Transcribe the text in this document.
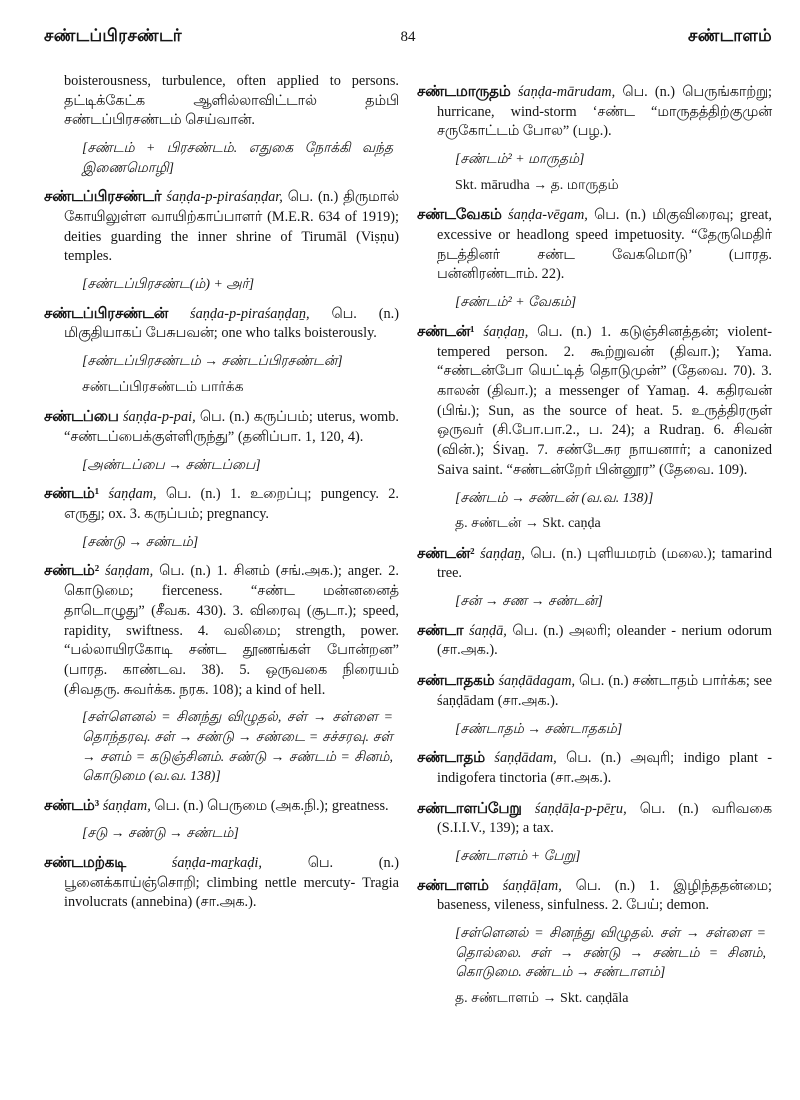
சண்டப்பிரசண்டர்	84	சண்டாளம்
boisterousness, turbulence, often applied to persons. தட்டிக்கேட்க ஆளில்லாவிட்டால் தம்பி சண்டப்பிரசண்டம் செய்வான்.
[சண்டம் + பிரசண்டம். எதுகை நோக்கி வந்த இணைமொழி]
சண்டப்பிரசண்டர் śaṇḍa-p-piraśaṇḍar, பெ. (n.) திருமால் கோயிலுள்ள வாயிற்காப்பாளர் (M.E.R. 634 of 1919); deities guarding the inner shrine of Tirumāl (Viṣṇu) temples.
[சண்டப்பிரசண்ட(ம்) + அர்]
சண்டப்பிரசண்டன் śaṇḍa-p-piraśaṇḍaṉ, பெ. (n.) மிகுதியாகப் பேசுபவன்; one who talks boisterously.
[சண்டப்பிரசண்டம் → சண்டப்பிரசண்டன்]
சண்டப்பிரசண்டம் பார்க்க
சண்டப்பை śaṇḍa-p-pai, பெ. (n.) கருப்பம்; uterus, womb. “சண்டப்பைக்குள்ளிருந்து” (தனிப்பா. 1, 120, 4).
[அண்டப்பை → சண்டப்பை]
சண்டம்¹ śaṇḍam, பெ. (n.) 1. உறைப்பு; pungency. 2. எருது; ox. 3. கருப்பம்; pregnancy.
[சண்டு → சண்டம்]
சண்டம்² śaṇḍam, பெ. (n.) 1. சினம் (சங்.அக.); anger. 2. கொடுமை; fierceness. “சண்ட மன்னனைத் தாடொழுது” (சீவக. 430). 3. விரைவு (சூடா.); speed, rapidity, swiftness. 4. வலிமை; strength, power. “பல்லாயிரகோடி சண்ட தூணங்கள் போன்றன” (பாரத. காண்டவ. 38). 5. ஒருவகை நிரையம் (சிவதரு. சுவர்க்க. நரக. 108); a kind of hell.
[சள்ளெனல் = சினந்து விழுதல், சள் → சள்ளை = தொந்தரவு. சள் → சண்டு → சண்டை = சச்சரவு. சள் → சளம் = கடுஞ்சினம். சண்டு → சண்டம் = சினம், கொடுமை (வ.வ. 138)]
சண்டம்³ śaṇḍam, பெ. (n.) பெருமை (அக.நி.); greatness.
[சடு → சண்டு → சண்டம்]
சண்டமற்கடி	śaṇḍa-maṟkaḍi,	பெ. (n.) பூனைக்காய்ஞ்சொறி; climbing nettle mercuty- Tragia involucrats (annebina) (சா.அக.).
சண்டமாருதம் śaṇḍa-mārudam, பெ. (n.) பெருங்காற்று; hurricane, wind-storm ‘சண்ட “மாருதத்திற்குமுன் சருகோட்டம் போல” (பழ.).
[சண்டம்² + மாருதம்]
Skt. mārudha → த. மாருதம்
சண்டவேகம் śaṇḍa-vēgam, பெ. (n.) மிகுவிரைவு; great, excessive or headlong speed impetuosity. “தேருமெதிர் நடத்தினர் சண்ட வேகமொடு’ (பாரத. பன்னிரண்டாம். 22).
[சண்டம்² + வேகம்]
சண்டன்¹ śaṇḍaṉ, பெ. (n.) 1. கடுஞ்சினத்தன்; violent-tempered person. 2. கூற்றுவன் (திவா.); Yama. “சண்டன்போ யெட்டித் தொடுமுன்” (தேவை. 70). 3. காலன் (திவா.); a messenger of Yamaṉ. 4. கதிரவன் (பிங்.); Sun, as the source of heat. 5. உருத்திரருள் ஒருவர் (சி.போ.பா.2., ப. 24); a Rudraṉ. 6. சிவன் (வின்.); Śivaṉ. 7. சண்டேசுர நாயனார்; a canonized Saiva saint. “சண்டன்றேர் பின்னூர” (தேவை. 109).
[சண்டம் → சண்டன் (வ.வ. 138)]
த. சண்டன் → Skt. caṇḍa
சண்டன்² śaṇḍaṉ, பெ. (n.) புளியமரம் (மலை.); tamarind tree.
[சன் → சண → சண்டன்]
சண்டா śaṇḍā, பெ. (n.) அலரி; oleander - nerium odorum (சா.அக.).
சண்டாதகம் śaṇḍādagam, பெ. (n.) சண்டாதம் பார்க்க; see śaṇḍādam (சா.அக.).
[சண்டாதம் → சண்டாதகம்]
சண்டாதம் śaṇḍādam, பெ. (n.) அவுரி; indigo plant - indigofera tinctoria (சா.அக.).
சண்டாளப்பேறு śaṇḍāḷa-p-pēṟu, பெ. (n.) வரிவகை (S.I.I.V., 139); a tax.
[சண்டாளம் + பேறு]
சண்டாளம் śaṇḍāḷam, பெ. (n.) 1. இழிந்ததன்மை; baseness, vileness, sinfulness. 2. பேய்; demon.
[சள்ளெனல் = சினந்து விழுதல். சள் → சள்ளை = தொல்லை. சள் → சண்டு → சண்டம் = சினம், கொடுமை. சண்டம் → சண்டாளம்]
த. சண்டாளம் → Skt. caṇḍāla
